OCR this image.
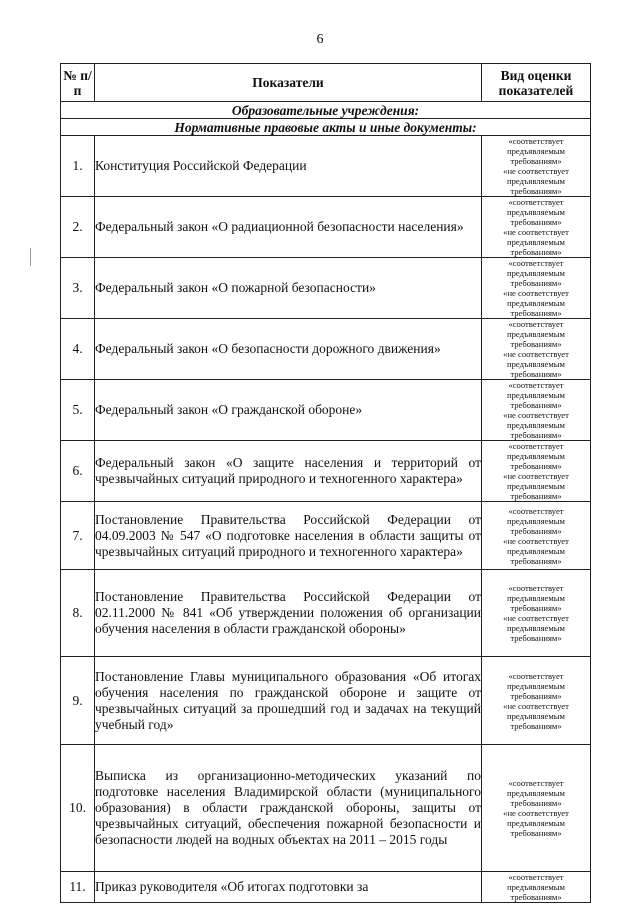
6
№ п/п	Показатели	Вид оценки показателей
Образовательные учреждения:		
Нормативные правовые акты и иные документы:		
1.	Конституция Российской Федерации	«соответствует предъявляемым требованиям»
«не соответствует предъявляемым требованиям»

2.	Федеральный закон «О радиационной безопасности населения»	«соответствует предъявляемым требованиям»
«не соответствует предъявляемым требованиям»

3.	Федеральный закон «О пожарной безопасности»	«соответствует предъявляемым требованиям»
«не соответствует предъявляемым требованиям»

4.	Федеральный закон «О безопасности дорожного движения»	«соответствует предъявляемым требованиям»
«не соответствует предъявляемым требованиям»

5.	Федеральный закон «О гражданской обороне»	«соответствует предъявляемым требованиям»
«не соответствует предъявляемым требованиям»

6.	Федеральный закон «О защите населения и территорий от чрезвычайных ситуаций природного и техногенного характера»	«соответствует предъявляемым требованиям»
«не соответствует предъявляемым требованиям»

7.	Постановление Правительства Российской Федерации от 04.09.2003 № 547 «О подготовке населения в области защиты от чрезвычайных ситуаций природного и техногенного характера»	«соответствует предъявляемым требованиям»
«не соответствует предъявляемым требованиям»

8.	Постановление Правительства Российской Федерации от 02.11.2000 № 841 «Об утверждении положения об организации обучения населения в области гражданской обороны»	«соответствует предъявляемым требованиям»
«не соответствует предъявляемым требованиям»

9.	Постановление Главы муниципального образования «Об итогах обучения населения по гражданской обороне и защите от чрезвычайных ситуаций за прошедший год и задачах на текущий учебный год»	«соответствует предъявляемым требованиям»
«не соответствует предъявляемым требованиям»

10.	Выписка из организационно-методических указаний по подготовке населения Владимирской области (муниципального образования) в области гражданской обороны, защиты от чрезвычайных ситуаций, обеспечения пожарной безопасности и безопасности людей на водных объектах на 2011 – 2015 годы	«соответствует предъявляемым требованиям»
«не соответствует предъявляемым требованиям»

11.	Приказ руководителя «Об итогах подготовки за	«соответствует предъявляемым требованиям»
